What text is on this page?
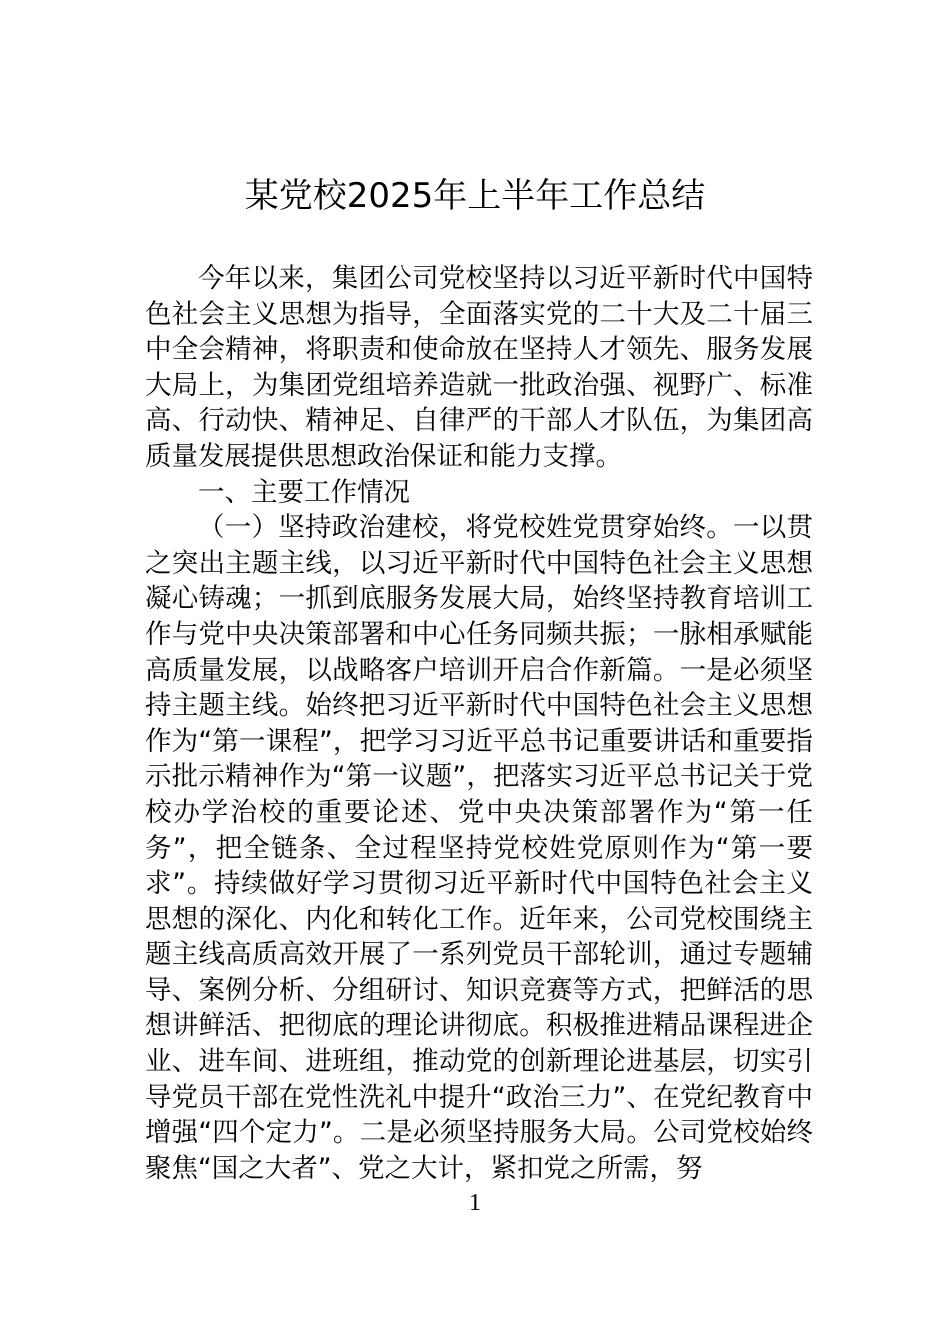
某党校2025年上半年工作总结

今年以来，集团公司党校坚持以习近平新时代中国特色社会主义思想为指导，全面落实党的二十大及二十届三中全会精神，将职责和使命放在坚持人才领先、服务发展大局上，为集团党组培养造就一批政治强、视野广、标准高、行动快、精神足、自律严的干部人才队伍，为集团高质量发展提供思想政治保证和能力支撑。

一、主要工作情况

（一）坚持政治建校，将党校姓党贯穿始终。一以贯之突出主题主线，以习近平新时代中国特色社会主义思想凝心铸魂；一抓到底服务发展大局，始终坚持教育培训工作与党中央决策部署和中心任务同频共振；一脉相承赋能高质量发展，以战略客户培训开启合作新篇。一是必须坚持主题主线。始终把习近平新时代中国特色社会主义思想作为“第一课程”，把学习习近平总书记重要讲话和重要指示批示精神作为“第一议题”，把落实习近平总书记关于党校办学治校的重要论述、党中央决策部署作为“第一任务”，把全链条、全过程坚持党校姓党原则作为“第一要求”。持续做好学习贯彻习近平新时代中国特色社会主义思想的深化、内化和转化工作。近年来，公司党校围绕主题主线高质高效开展了一系列党员干部轮训，通过专题辅导、案例分析、分组研讨、知识竞赛等方式，把鲜活的思想讲鲜活、把彻底的理论讲彻底。积极推进精品课程进企业、进车间、进班组，推动党的创新理论进基层，切实引导党员干部在党性洗礼中提升“政治三力”、在党纪教育中增强“四个定力”。二是必须坚持服务大局。公司党校始终聚焦“国之大者”、党之大计，紧扣党之所需，努

1
